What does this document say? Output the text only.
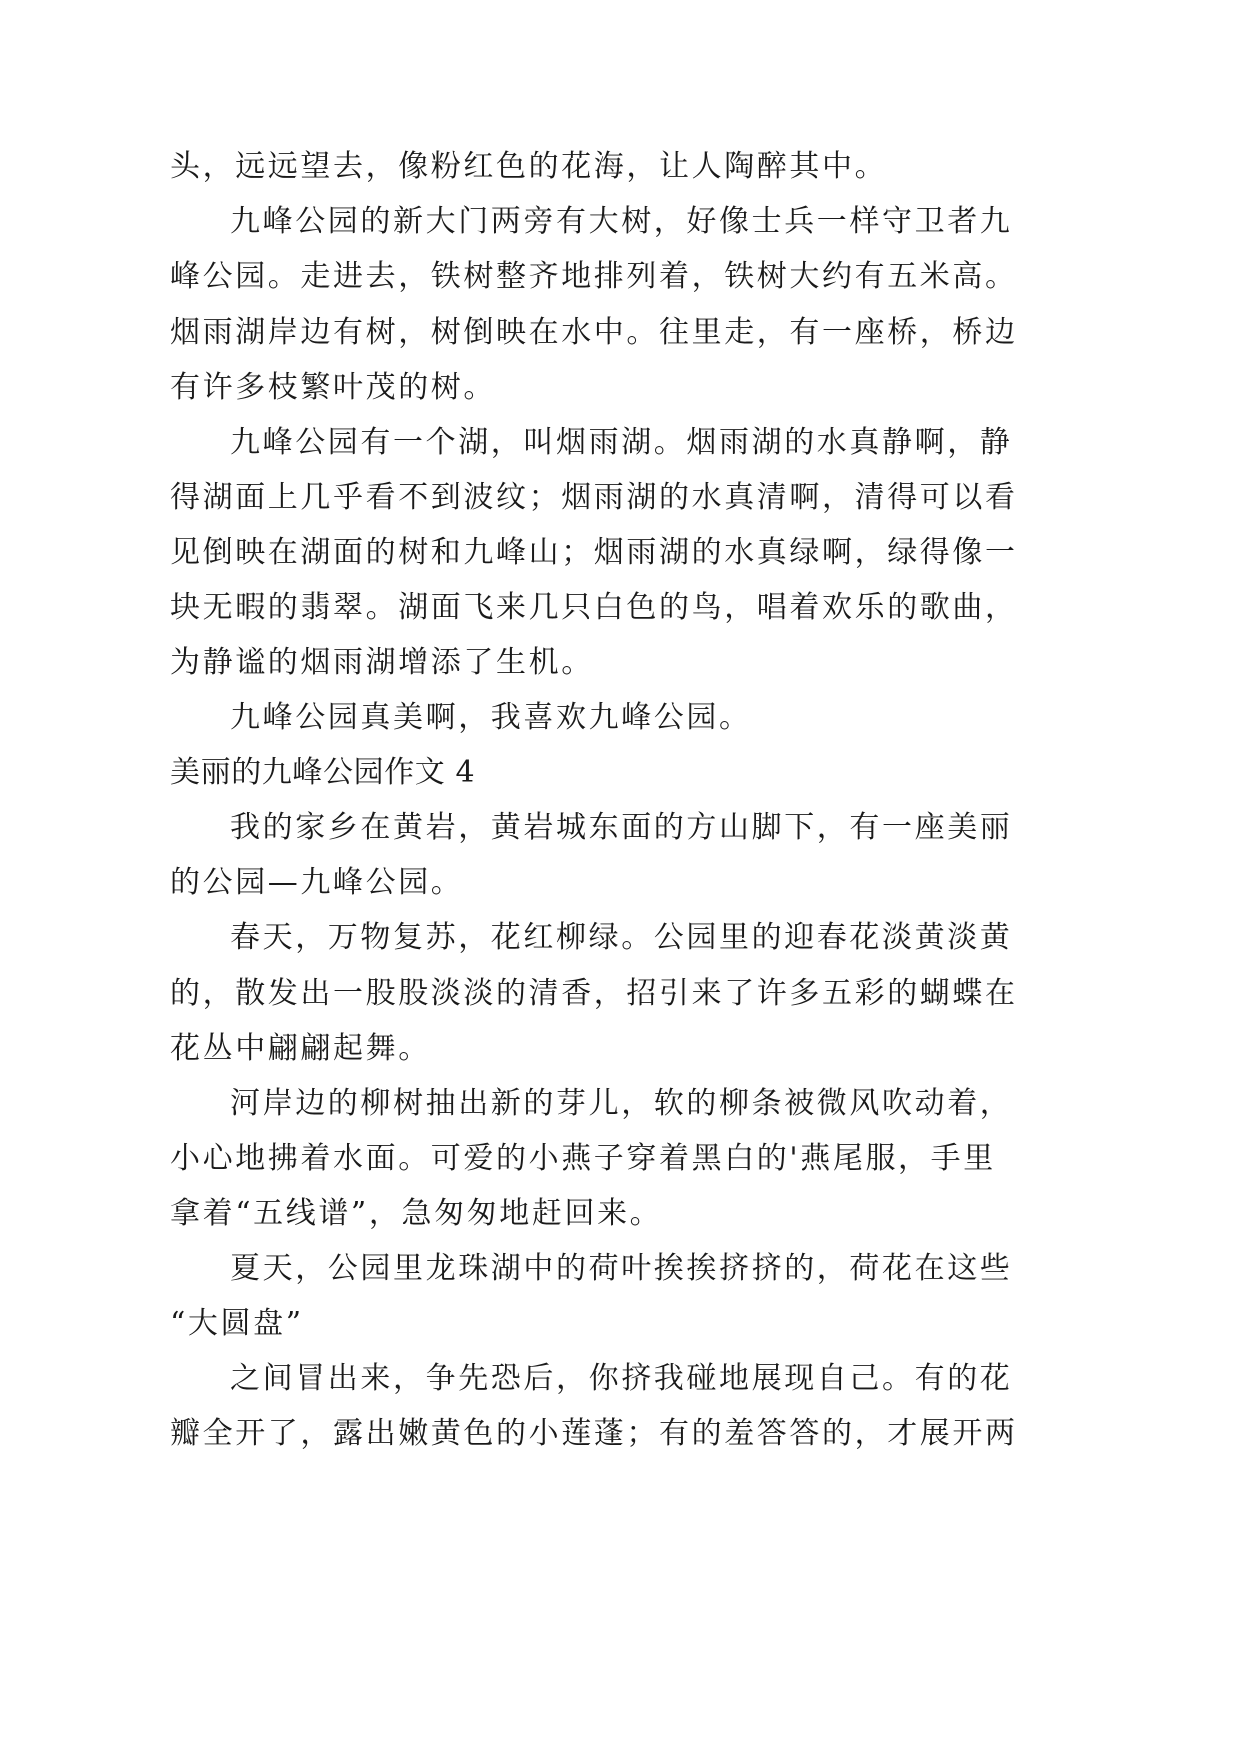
头，远远望去，像粉红色的花海，让人陶醉其中。
九峰公园的新大门两旁有大树，好像士兵一样守卫者九
峰公园。走进去，铁树整齐地排列着，铁树大约有五米高。
烟雨湖岸边有树，树倒映在水中。往里走，有一座桥，桥边
有许多枝繁叶茂的树。
九峰公园有一个湖，叫烟雨湖。烟雨湖的水真静啊，静
得湖面上几乎看不到波纹；烟雨湖的水真清啊，清得可以看
见倒映在湖面的树和九峰山；烟雨湖的水真绿啊，绿得像一
块无暇的翡翠。湖面飞来几只白色的鸟，唱着欢乐的歌曲，
为静谧的烟雨湖增添了生机。
九峰公园真美啊，我喜欢九峰公园。
美丽的九峰公园作文 4
我的家乡在黄岩，黄岩城东面的方山脚下，有一座美丽
的公园—九峰公园。
春天，万物复苏，花红柳绿。公园里的迎春花淡黄淡黄
的，散发出一股股淡淡的清香，招引来了许多五彩的蝴蝶在
花丛中翩翩起舞。
河岸边的柳树抽出新的芽儿，软的柳条被微风吹动着，
小心地拂着水面。可爱的小燕子穿着黑白的'燕尾服，手里
拿着“五线谱”，急匆匆地赶回来。
夏天，公园里龙珠湖中的荷叶挨挨挤挤的，荷花在这些
“大圆盘”
之间冒出来，争先恐后，你挤我碰地展现自己。有的花
瓣全开了，露出嫩黄色的小莲蓬；有的羞答答的，才展开两
